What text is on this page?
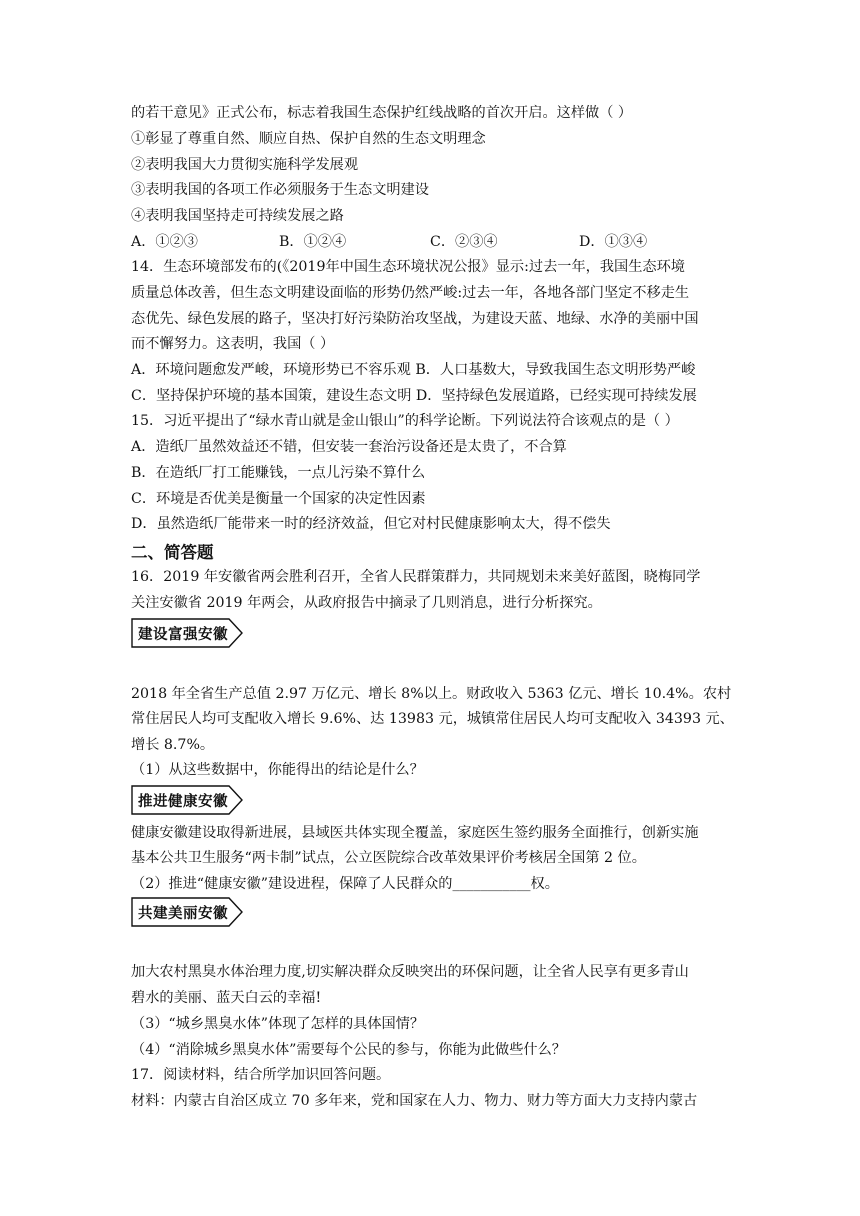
的若干意见》正式公布，标志着我国生态保护红线战略的首次开启。这样做（ ）
①彰显了尊重自然、顺应自热、保护自然的生态文明理念
②表明我国大力贯彻实施科学发展观
③表明我国的各项工作必须服务于生态文明建设
④表明我国坚持走可持续发展之路
A．①②③	B．①②④	C．②③④	D．①③④
14．生态环境部发布的(《2019年中国生态环境状况公报》显示:过去一年，我国生态环境
质量总体改善，但生态文明建设面临的形势仍然严峻:过去一年，各地各部门坚定不移走生
态优先、绿色发展的路子，坚决打好污染防治攻坚战，为建设天蓝、地绿、水净的美丽中国
而不懈努力。这表明，我国（ ）
A．环境问题愈发严峻，环境形势已不容乐观 B．人口基数大，导致我国生态文明形势严峻
C．坚持保护环境的基本国策，建设生态文明 D．坚持绿色发展道路，已经实现可持续发展
15．习近平提出了“绿水青山就是金山银山”的科学论断。下列说法符合该观点的是（ ）
A．造纸厂虽然效益还不错，但安装一套治污设备还是太贵了，不合算
B．在造纸厂打工能赚钱，一点儿污染不算什么
C．环境是否优美是衡量一个国家的决定性因素
D．虽然造纸厂能带来一时的经济效益，但它对村民健康影响太大，得不偿失
二、简答题
16．2019 年安徽省两会胜利召开，全省人民群策群力，共同规划未来美好蓝图，晓梅同学
关注安徽省 2019 年两会，从政府报告中摘录了几则消息，进行分析探究。
建设富强安徽
2018 年全省生产总值 2.97 万亿元、增长 8%以上。财政收入 5363 亿元、增长 10.4%。农村
常住居民人均可支配收入增长 9.6%、达 13983 元，城镇常住居民人均可支配收入 34393 元、
增长 8.7%。
（1）从这些数据中，你能得出的结论是什么？
推进健康安徽
健康安徽建设取得新进展，县域医共体实现全覆盖，家庭医生签约服务全面推行，创新实施
基本公共卫生服务“两卡制”试点，公立医院综合改革效果评价考核居全国第 2 位。
（2）推进“健康安徽”建设进程，保障了人民群众的___________权。
共建美丽安徽
加大农村黑臭水体治理力度,切实解决群众反映突出的环保问题，让全省人民享有更多青山
碧水的美丽、蓝天白云的幸福!
（3）“城乡黑臭水体”体现了怎样的具体国情？
（4）“消除城乡黑臭水体”需要每个公民的参与，你能为此做些什么？
17．阅读材料，结合所学加识回答问题。
材料：内蒙古自治区成立 70 多年来，党和国家在人力、物力、财力等方面大力支持内蒙古
